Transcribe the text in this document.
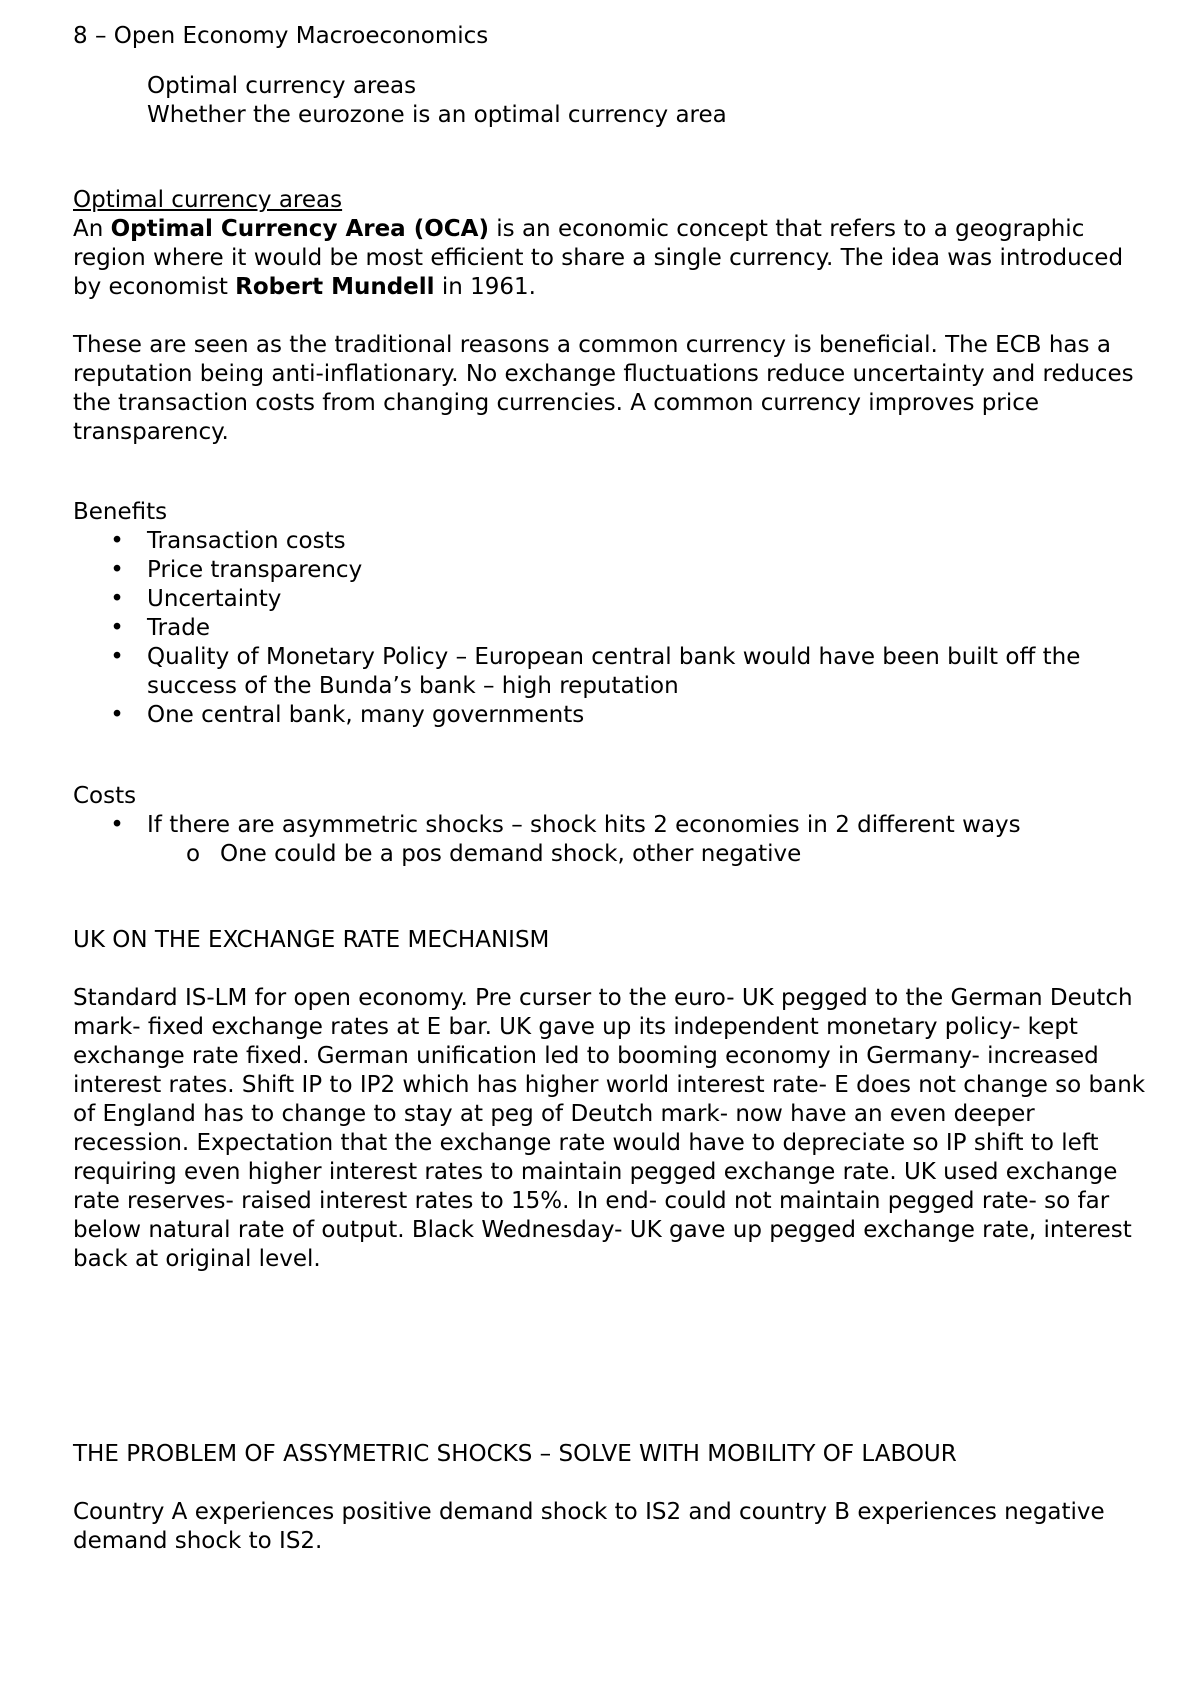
8 – Open Economy Macroeconomics

Optimal currency areas

Whether the eurozone is an optimal currency area

Optimal currency areas

An Optimal Currency Area (OCA) is an economic concept that refers to a geographic region where it would be most efficient to share a single currency. The idea was introduced by economist Robert Mundell in 1961.

These are seen as the traditional reasons a common currency is beneficial. The ECB has a reputation being anti-inflationary. No exchange fluctuations reduce uncertainty and reduces the transaction costs from changing currencies. A common currency improves price transparency.

Benefits

• Transaction costs
• Price transparency
• Uncertainty
• Trade
• Quality of Monetary Policy – European central bank would have been built off the success of the Bunda’s bank – high reputation
• One central bank, many governments

Costs

• If there are asymmetric shocks – shock hits 2 economies in 2 different ways
o One could be a pos demand shock, other negative

UK ON THE EXCHANGE RATE MECHANISM

Standard IS-LM for open economy. Pre curser to the euro- UK pegged to the German Deutch mark- fixed exchange rates at E bar. UK gave up its independent monetary policy- kept exchange rate fixed. German unification led to booming economy in Germany- increased interest rates. Shift IP to IP2 which has higher world interest rate- E does not change so bank of England has to change to stay at peg of Deutch mark- now have an even deeper recession. Expectation that the exchange rate would have to depreciate so IP shift to left requiring even higher interest rates to maintain pegged exchange rate. UK used exchange rate reserves- raised interest rates to 15%. In end- could not maintain pegged rate- so far below natural rate of output. Black Wednesday- UK gave up pegged exchange rate, interest back at original level.

THE PROBLEM OF ASSYMETRIC SHOCKS – SOLVE WITH MOBILITY OF LABOUR

Country A experiences positive demand shock to IS2 and country B experiences negative demand shock to IS2.
